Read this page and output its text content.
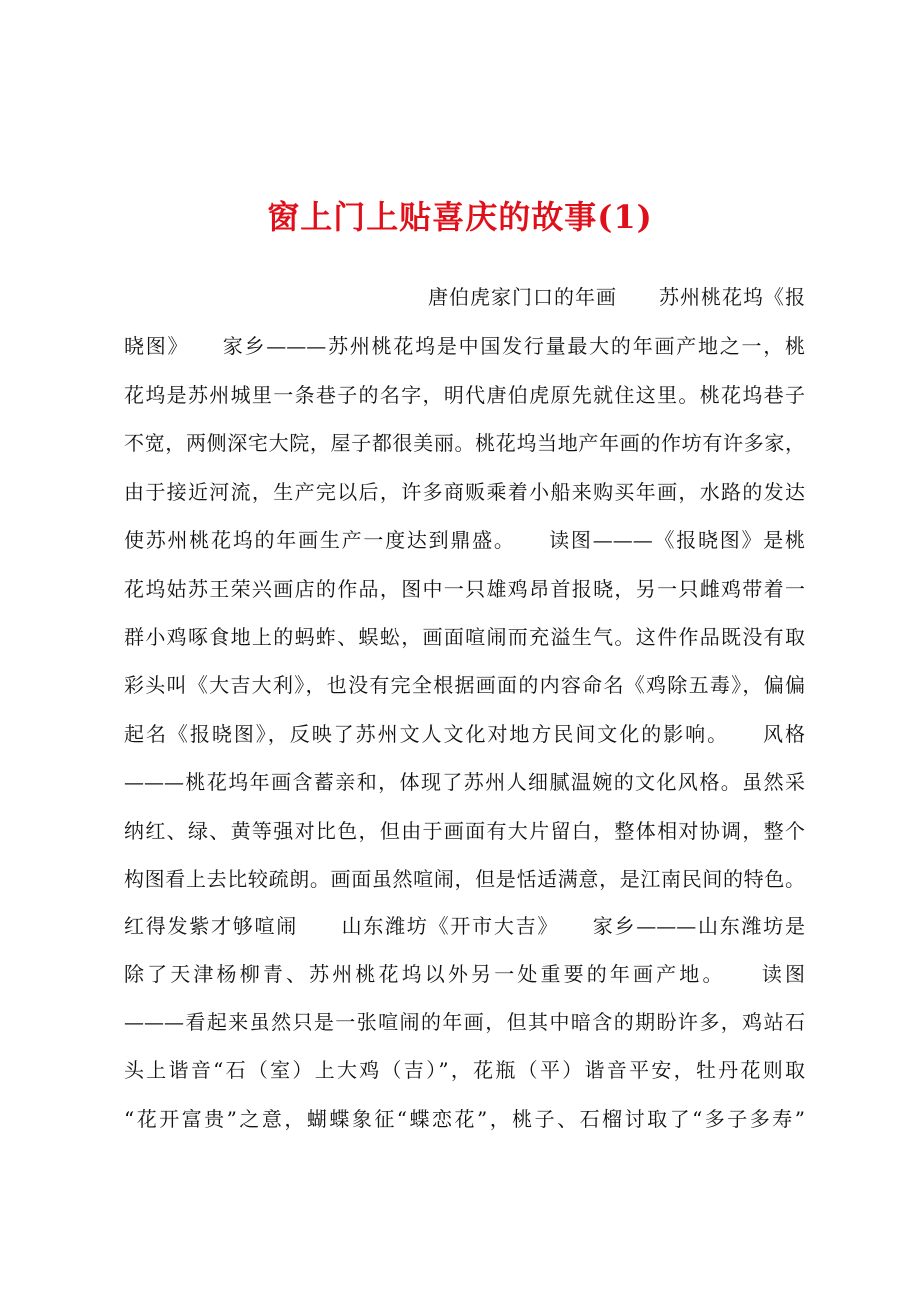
窗上门上贴喜庆的故事(1)
唐伯虎家门口的年画　　苏州桃花坞《报
晓图》　　家乡———苏州桃花坞是中国发行量最大的年画产地之一，桃
花坞是苏州城里一条巷子的名字，明代唐伯虎原先就住这里。桃花坞巷子
不宽，两侧深宅大院，屋子都很美丽。桃花坞当地产年画的作坊有许多家，
由于接近河流，生产完以后，许多商贩乘着小船来购买年画，水路的发达
使苏州桃花坞的年画生产一度达到鼎盛。　　读图———《报晓图》是桃
花坞姑苏王荣兴画店的作品，图中一只雄鸡昂首报晓，另一只雌鸡带着一
群小鸡啄食地上的蚂蚱、蜈蚣，画面喧闹而充溢生气。这件作品既没有取
彩头叫《大吉大利》，也没有完全根据画面的内容命名《鸡除五毒》，偏偏
起名《报晓图》，反映了苏州文人文化对地方民间文化的影响。　　风格
———桃花坞年画含蓄亲和，体现了苏州人细腻温婉的文化风格。虽然采
纳红、绿、黄等强对比色，但由于画面有大片留白，整体相对协调，整个
构图看上去比较疏朗。画面虽然喧闹，但是恬适满意，是江南民间的特色。
红得发紫才够喧闹　　山东潍坊《开市大吉》　　家乡———山东潍坊是
除了天津杨柳青、苏州桃花坞以外另一处重要的年画产地。　　读图
———看起来虽然只是一张喧闹的年画，但其中暗含的期盼许多，鸡站石
头上谐音“石（室）上大鸡（吉）”，花瓶（平）谐音平安，牡丹花则取
“花开富贵”之意，蝴蝶象征“蝶恋花”，桃子、石榴讨取了“多子多寿”
